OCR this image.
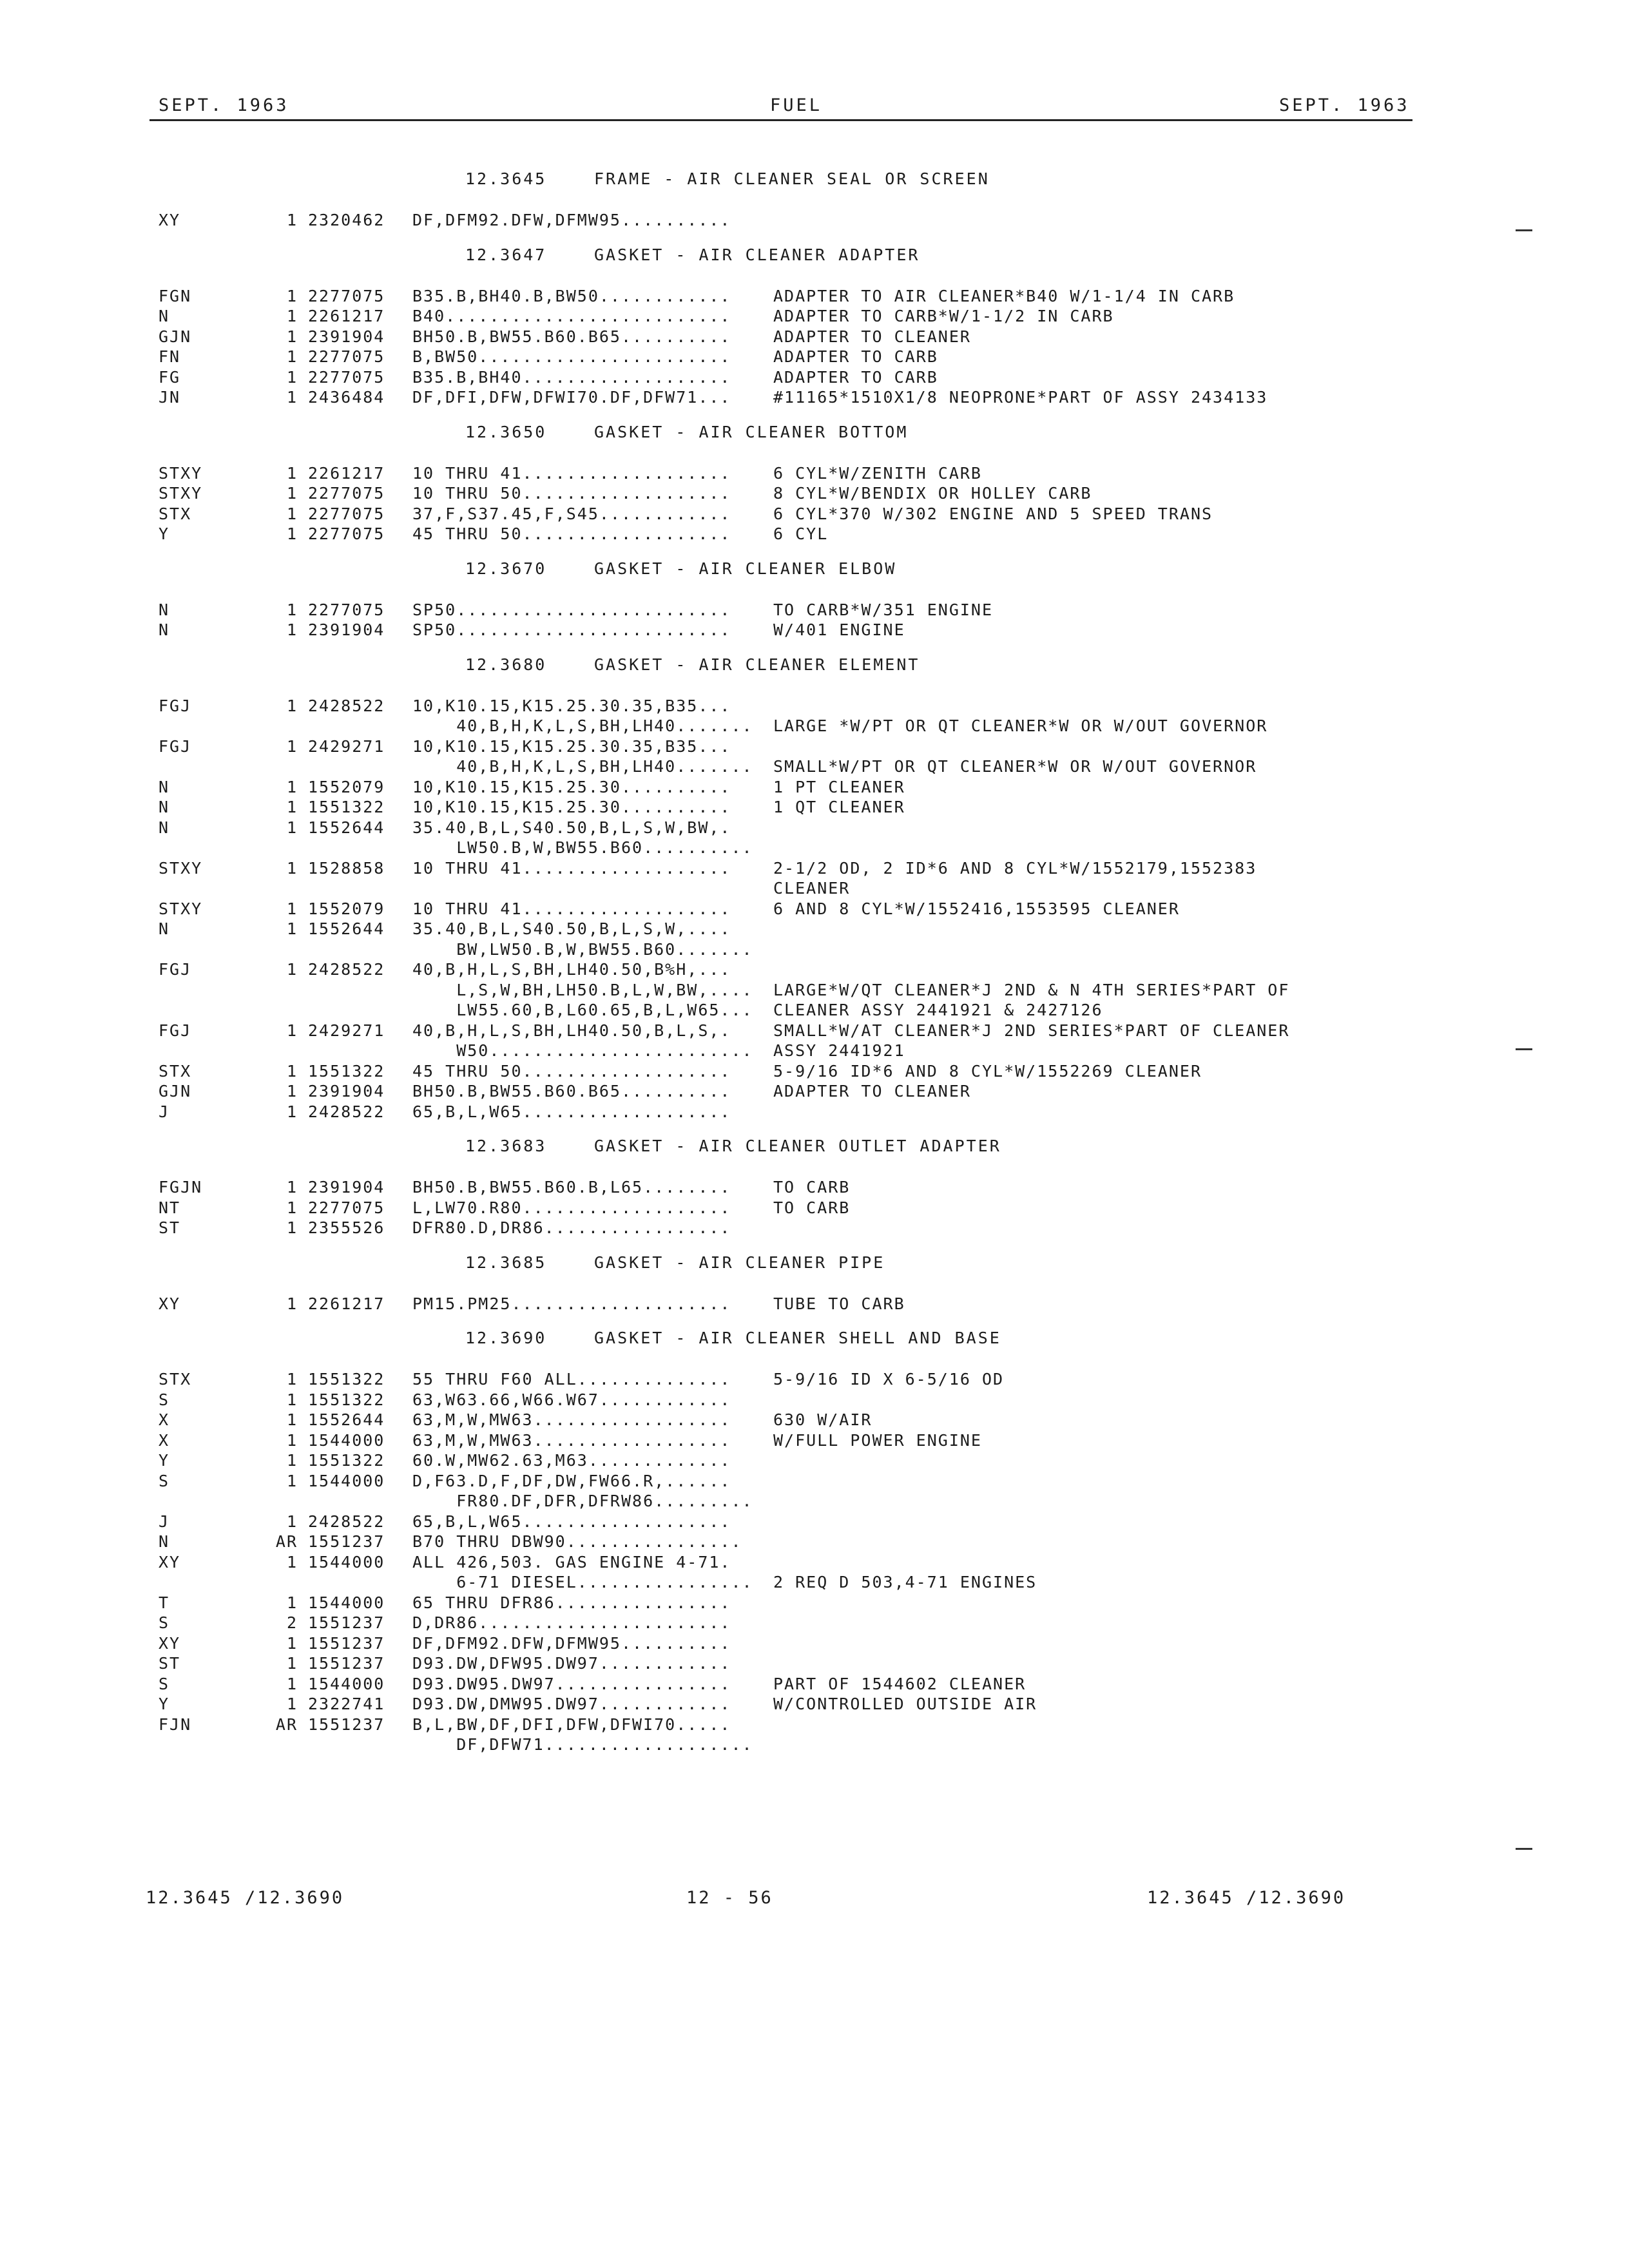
SEPT. 1963	FUEL	SEPT. 1963
12.3645	FRAME - AIR CLEANER SEAL OR SCREEN
XY	1 2320462 DF,DFM92.DFW,DFMW95..........
12.3647	GASKET - AIR CLEANER ADAPTER
FGN	1 2277075 B35.B,BH40.B,BW50............	ADAPTER TO AIR CLEANER*B40 W/1-1/4 IN CARB
N	1 2261217 B40..........................	ADAPTER TO CARB*W/1-1/2 IN CARB
GJN	1 2391904 BH50.B,BW55.B60.B65..........	ADAPTER TO CLEANER
FN	1 2277075 B,BW50.......................	ADAPTER TO CARB
FG	1 2277075 B35.B,BH40...................	ADAPTER TO CARB
JN	1 2436484 DF,DFI,DFW,DFWI70.DF,DFW71...	#11165*1510X1/8 NEOPRONE*PART OF ASSY 2434133
12.3650	GASKET - AIR CLEANER BOTTOM
STXY	1 2261217 10 THRU 41...................	6 CYL*W/ZENITH CARB
STXY	1 2277075 10 THRU 50...................	8 CYL*W/BENDIX OR HOLLEY CARB
STX	1 2277075 37,F,S37.45,F,S45............	6 CYL*370 W/302 ENGINE AND 5 SPEED TRANS
Y	1 2277075 45 THRU 50...................	6 CYL
12.3670	GASKET - AIR CLEANER ELBOW
N	1 2277075 SP50.........................	TO CARB*W/351 ENGINE
N	1 2391904 SP50.........................	W/401 ENGINE
12.3680	GASKET - AIR CLEANER ELEMENT
FGJ	1 2428522 10,K10.15,K15.25.30.35,B35...
40,B,H,K,L,S,BH,LH40....... LARGE *W/PT OR QT CLEANER*W OR W/OUT GOVERNOR
FGJ	1 2429271 10,K10.15,K15.25.30.35,B35...
40,B,H,K,L,S,BH,LH40....... SMALL*W/PT OR QT CLEANER*W OR W/OUT GOVERNOR
N	1 1552079 10,K10.15,K15.25.30..........	1 PT CLEANER
N	1 1551322 10,K10.15,K15.25.30..........	1 QT CLEANER
N	1 1552644 35.40,B,L,S40.50,B,L,S,W,BW,.
LW50.B,W,BW55.B60..........
STXY	1 1528858 10 THRU 41...................	2-1/2 OD, 2 ID*6 AND 8 CYL*W/1552179,1552383
CLEANER
STXY	1 1552079 10 THRU 41...................	6 AND 8 CYL*W/1552416,1553595 CLEANER
N	1 1552644 35.40,B,L,S40.50,B,L,S,W,....
BW,LW50.B,W,BW55.B60.......
FGJ	1 2428522 40,B,H,L,S,BH,LH40.50,B%H,...
L,S,W,BH,LH50.B,L,W,BW,.... LARGE*W/QT CLEANER*J 2ND & N 4TH SERIES*PART OF
LW55.60,B,L60.65,B,L,W65... CLEANER ASSY 2441921 & 2427126
FGJ	1 2429271 40,B,H,L,S,BH,LH40.50,B,L,S,.	SMALL*W/AT CLEANER*J 2ND SERIES*PART OF CLEANER
W50........................ ASSY 2441921
STX	1 1551322 45 THRU 50...................	5-9/16 ID*6 AND 8 CYL*W/1552269 CLEANER
GJN	1 2391904 BH50.B,BW55.B60.B65..........	ADAPTER TO CLEANER
J	1 2428522 65,B,L,W65...................
12.3683	GASKET - AIR CLEANER OUTLET ADAPTER
FGJN	1 2391904 BH50.B,BW55.B60.B,L65........	TO CARB
NT	1 2277075 L,LW70.R80...................	TO CARB
ST	1 2355526 DFR80.D,DR86.................
12.3685	GASKET - AIR CLEANER PIPE
XY	1 2261217 PM15.PM25....................	TUBE TO CARB
12.3690	GASKET - AIR CLEANER SHELL AND BASE
STX	1 1551322 55 THRU F60 ALL..............	5-9/16 ID X 6-5/16 OD
S	1 1551322 63,W63.66,W66.W67............
X	1 1552644 63,M,W,MW63..................	630 W/AIR
X	1 1544000 63,M,W,MW63..................	W/FULL POWER ENGINE
Y	1 1551322 60.W,MW62.63,M63.............
S	1 1544000 D,F63.D,F,DF,DW,FW66.R,......
FR80.DF,DFR,DFRW86.........
J	1 2428522 65,B,L,W65...................
N	AR 1551237 B70 THRU DBW90................
XY	1 1544000 ALL 426,503. GAS ENGINE 4-71.
6-71 DIESEL................ 2 REQ D 503,4-71 ENGINES
T	1 1544000 65 THRU DFR86................
S	2 1551237 D,DR86.......................
XY	1 1551237 DF,DFM92.DFW,DFMW95..........
ST	1 1551237 D93.DW,DFW95.DW97............
S	1 1544000 D93.DW95.DW97................	PART OF 1544602 CLEANER
Y	1 2322741 D93.DW,DMW95.DW97............	W/CONTROLLED OUTSIDE AIR
FJN	AR 1551237 B,L,BW,DF,DFI,DFW,DFWI70.....
DF,DFW71...................
12.3645 /12.3690	12 - 56	12.3645 /12.3690
